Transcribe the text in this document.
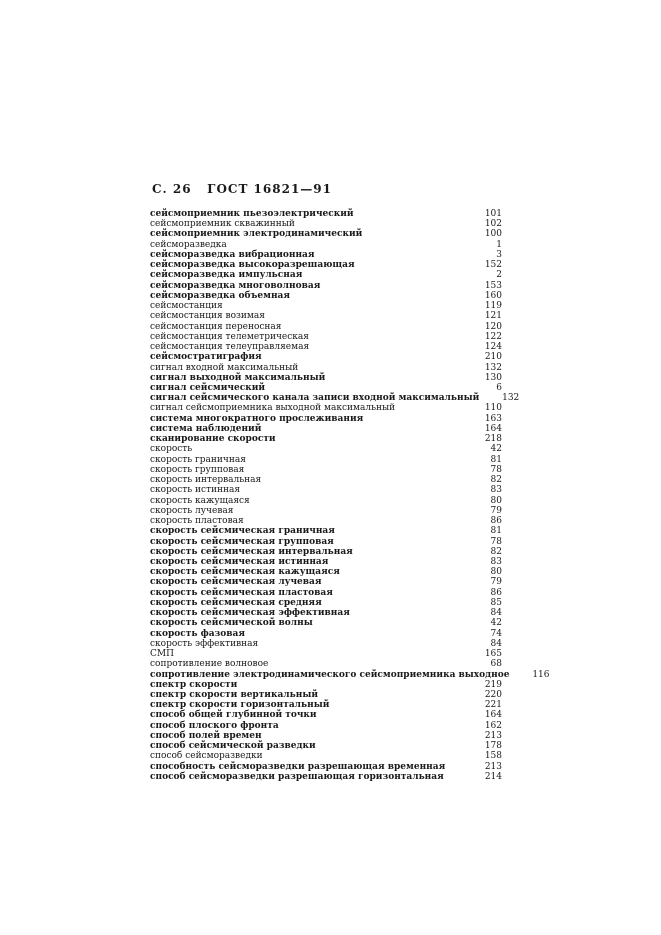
С. 26 ГОСТ 16821—91
сейсмоприемник пьезоэлектрический	101
сейсмоприемник скважинный	102
сейсмоприемник электродинамический	100
сейсморазведка	1
сейсморазведка вибрационная	3
сейсморазведка высокоразрешающая	152
сейсморазведка импульсная	2
сейсморазведка многоволновая	153
сейсморазведка объемная	160
сейсмостанция	119
сейсмостанция возимая	121
сейсмостанция переносная	120
сейсмостанция телеметрическая	122
сейсмостанция телеуправляемая	124
сейсмостратиграфия	210
сигнал входной максимальный	132
сигнал выходной максимальный	130
сигнал сейсмический	6
сигнал сейсмического канала записи входной максимальный	132
сигнал сейсмоприемника выходной максимальный	110
система многократного прослеживания	163
система наблюдений	164
сканирование скорости	218
скорость	42
скорость граничная	81
скорость групповая	78
скорость интервальная	82
скорость истинная	83
скорость кажущаяся	80
скорость лучевая	79
скорость пластовая	86
скорость сейсмическая граничная	81
скорость сейсмическая групповая	78
скорость сейсмическая интервальная	82
скорость сейсмическая истинная	83
скорость сейсмическая кажущаяся	80
скорость сейсмическая лучевая	79
скорость сейсмическая пластовая	86
скорость сейсмическая средняя	85
скорость сейсмическая эффективная	84
скорость сейсмической волны	42
скорость фазовая	74
скорость эффективная	84
СМП	165
сопротивление волновое	68
сопротивление электродинамического сейсмоприемника выходное	116
спектр скорости	219
спектр скорости вертикальный	220
спектр скорости горизонтальный	221
способ общей глубинной точки	164
способ плоского фронта	162
способ полей времен	213
способ сейсмической разведки	178
способ сейсморазведки	158
способность сейсморазведки разрешающая временная	213
способ сейсморазведки разрешающая горизонтальная	214
